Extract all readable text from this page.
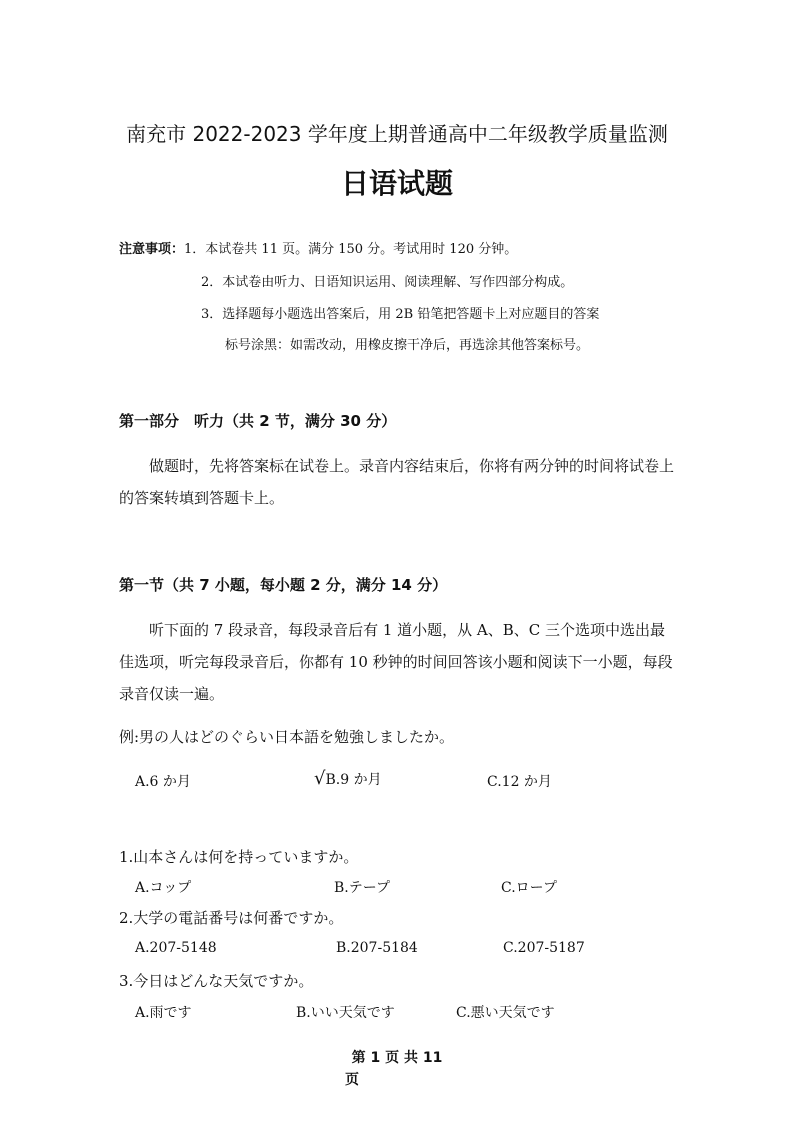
南充市 2022-2023 学年度上期普通高中二年级教学质量监测
日语试题
注意事项：1．本试卷共 11 页。满分 150 分。考试用时 120 分钟。
2．本试卷由听力、日语知识运用、阅读理解、写作四部分构成。
3．选择题每小题选出答案后，用 2B 铅笔把答题卡上对应题目的答案
标号涂黑：如需改动，用橡皮擦干净后，再选涂其他答案标号。
第一部分　听力（共 2 节，满分 30 分）
做题时，先将答案标在试卷上。录音内容结束后，你将有两分钟的时间将试卷上的答案转填到答题卡上。
第一节（共 7 小题，每小题 2 分，满分 14 分）
听下面的 7 段录音，每段录音后有 1 道小题，从 A、B、C 三个选项中选出最佳选项，听完每段录音后，你都有 10 秒钟的时间回答该小题和阅读下一小题，每段录音仅读一遍。
例:男の人はどのぐらい日本語を勉強しましたか。
A.6 か月	√B.9 か月	C.12 か月
1.山本さんは何を持っていますか。
A.コップ	B.テープ	C.ロープ
2.大学の電話番号は何番ですか。
A.207-5148	B.207-5184	C.207-5187
3.今日はどんな天気ですか。
A.雨です	B.いい天気です	C.悪い天気です
第 1 页 共 11
页
